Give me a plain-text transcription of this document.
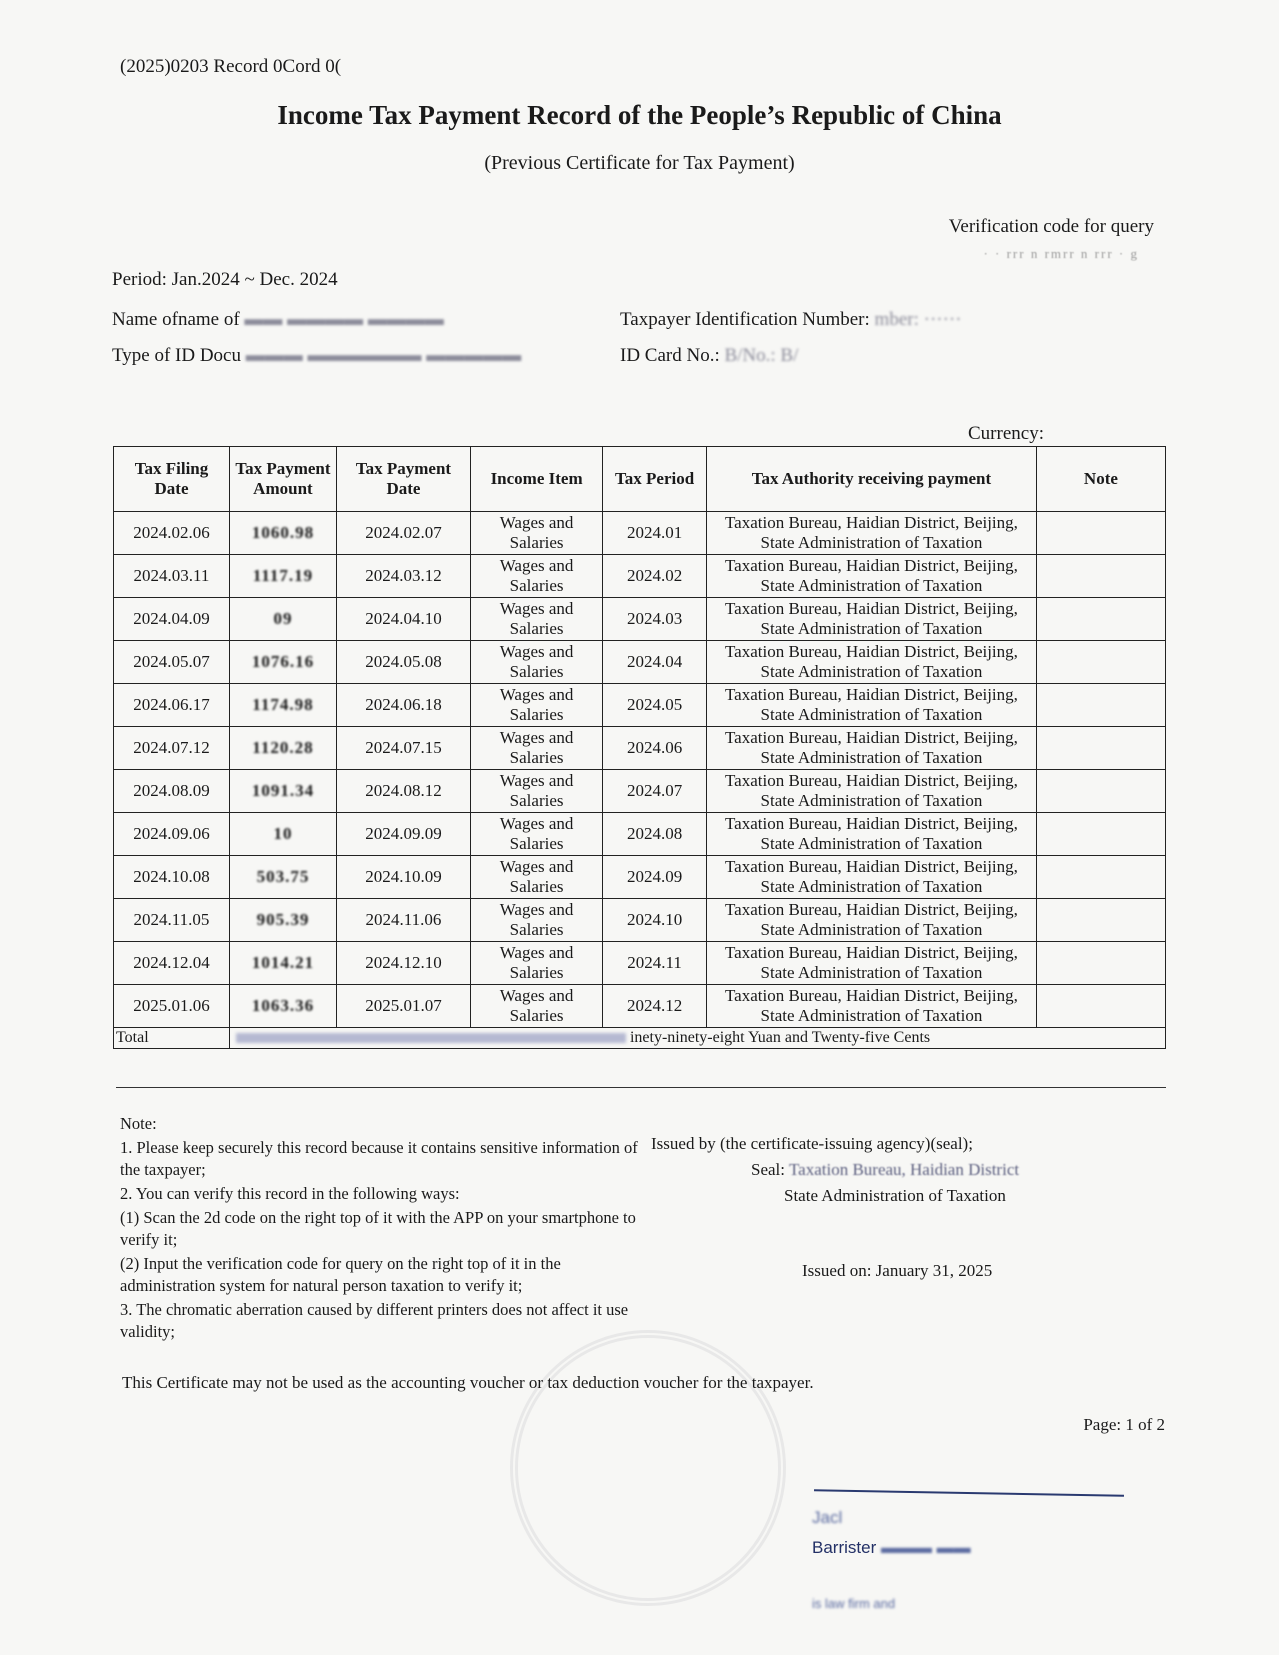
(2025)0203 Record 0Cord 0(
Income Tax Payment Record of the People’s Republic of China
(Previous Certificate for Tax Payment)
Verification code for query
· · rrr n rmrr n rrr · g
Period: Jan.2024 ~ Dec. 2024
Name ofname of ▬▬ ▬▬▬▬ ▬▬▬▬
Type of ID Docu ▬▬▬ ▬▬▬▬▬▬ ▬▬▬▬▬
Taxpayer Identification Number: mber: ······
ID Card No.: B/No.: B/
Currency:
Tax Filing Date	Tax Payment Amount	Tax Payment Date	Income Item	Tax Period	Tax Authority receiving payment	Note
2024.02.06	1060.98	2024.02.07	Wages and Salaries	2024.01	Taxation Bureau, Haidian District, Beijing, State Administration of Taxation	
2024.03.11	1117.19	2024.03.12	Wages and Salaries	2024.02	Taxation Bureau, Haidian District, Beijing, State Administration of Taxation	
2024.04.09	09	2024.04.10	Wages and Salaries	2024.03	Taxation Bureau, Haidian District, Beijing, State Administration of Taxation	
2024.05.07	1076.16	2024.05.08	Wages and Salaries	2024.04	Taxation Bureau, Haidian District, Beijing, State Administration of Taxation	
2024.06.17	1174.98	2024.06.18	Wages and Salaries	2024.05	Taxation Bureau, Haidian District, Beijing, State Administration of Taxation	
2024.07.12	1120.28	2024.07.15	Wages and Salaries	2024.06	Taxation Bureau, Haidian District, Beijing, State Administration of Taxation	
2024.08.09	1091.34	2024.08.12	Wages and Salaries	2024.07	Taxation Bureau, Haidian District, Beijing, State Administration of Taxation	
2024.09.06	10	2024.09.09	Wages and Salaries	2024.08	Taxation Bureau, Haidian District, Beijing, State Administration of Taxation	
2024.10.08	503.75	2024.10.09	Wages and Salaries	2024.09	Taxation Bureau, Haidian District, Beijing, State Administration of Taxation	
2024.11.05	905.39	2024.11.06	Wages and Salaries	2024.10	Taxation Bureau, Haidian District, Beijing, State Administration of Taxation	
2024.12.04	1014.21	2024.12.10	Wages and Salaries	2024.11	Taxation Bureau, Haidian District, Beijing, State Administration of Taxation	
2025.01.06	1063.36	2025.01.07	Wages and Salaries	2024.12	Taxation Bureau, Haidian District, Beijing, State Administration of Taxation	
Total	inety-ninety-eight Yuan and Twenty-five Cents					
Note:
1. Please keep securely this record because it contains sensitive information of the taxpayer;
2. You can verify this record in the following ways:
(1) Scan the 2d code on the right top of it with the APP on your smartphone to verify it;
(2) Input the verification code for query on the right top of it in the administration system for natural person taxation to verify it;
3. The chromatic aberration caused by different printers does not affect it use validity;
Issued by (the certificate-issuing agency)(seal);
Seal: Taxation Bureau, Haidian District
State Administration of Taxation
Issued on: January 31, 2025
This Certificate may not be used as the accounting voucher or tax deduction voucher for the taxpayer.
Page: 1 of 2
Jacl
Barrister ▬▬▬ ▬▬
is law firm and
